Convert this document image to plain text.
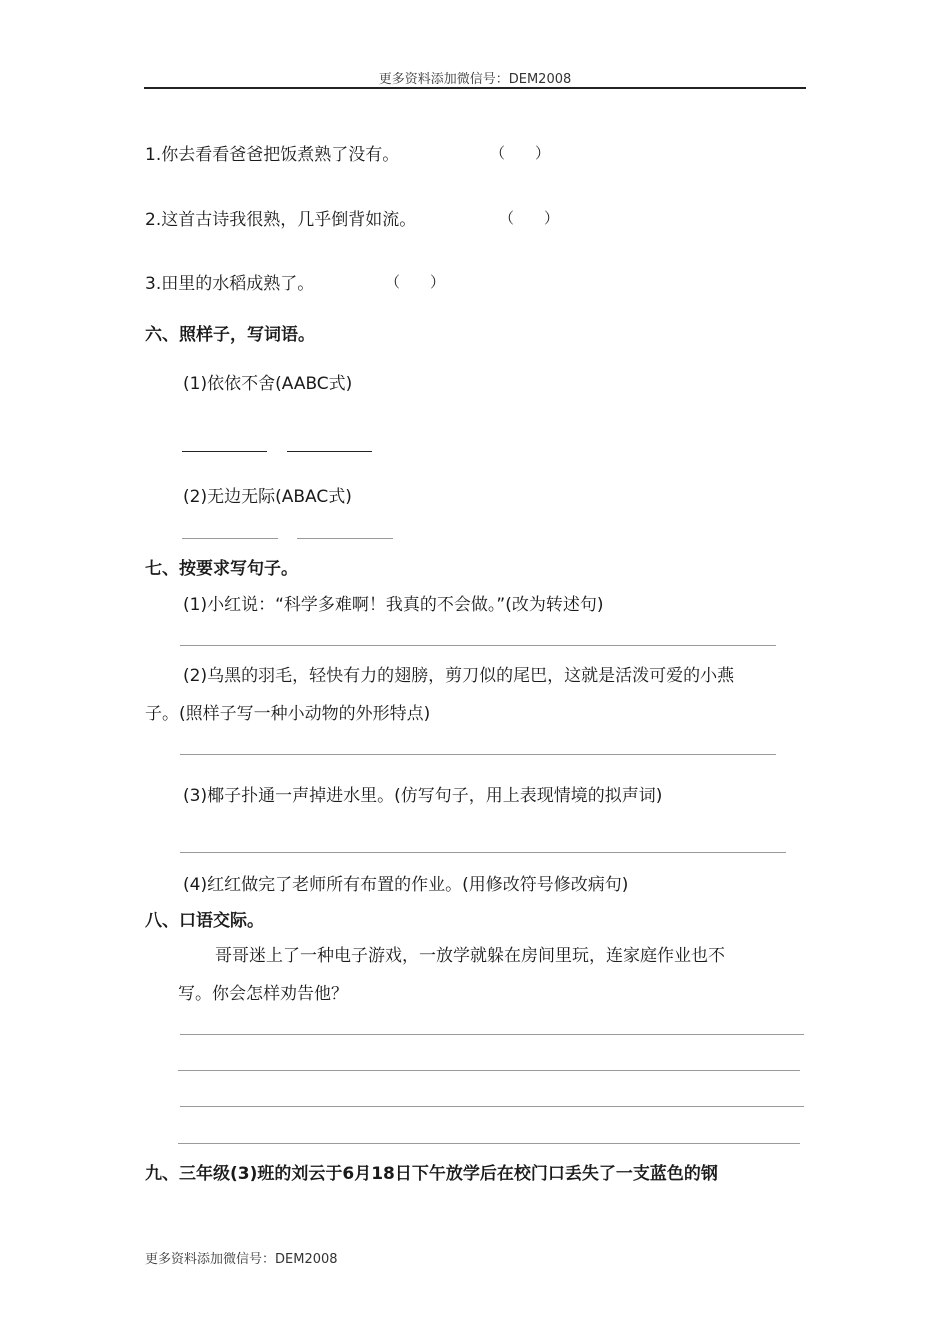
更多资料添加微信号：DEM2008
1.你去看看爸爸把饭煮熟了没有。	（　　）
2.这首古诗我很熟，几乎倒背如流。	（　　）
3.田里的水稻成熟了。	（　　）
六、照样子，写词语。
(1)依依不舍(AABC式)
(2)无边无际(ABAC式)
七、按要求写句子。
(1)小红说：“科学多难啊！我真的不会做。”(改为转述句)
(2)乌黑的羽毛，轻快有力的翅膀，剪刀似的尾巴，这就是活泼可爱的小燕
子。(照样子写一种小动物的外形特点)
(3)椰子扑通一声掉进水里。(仿写句子，用上表现情境的拟声词)
(4)红红做完了老师所有布置的作业。(用修改符号修改病句)
八、口语交际。
哥哥迷上了一种电子游戏，一放学就躲在房间里玩，连家庭作业也不
写。你会怎样劝告他？
九、三年级(3)班的刘云于6月18日下午放学后在校门口丢失了一支蓝色的钢
更多资料添加微信号：DEM2008
